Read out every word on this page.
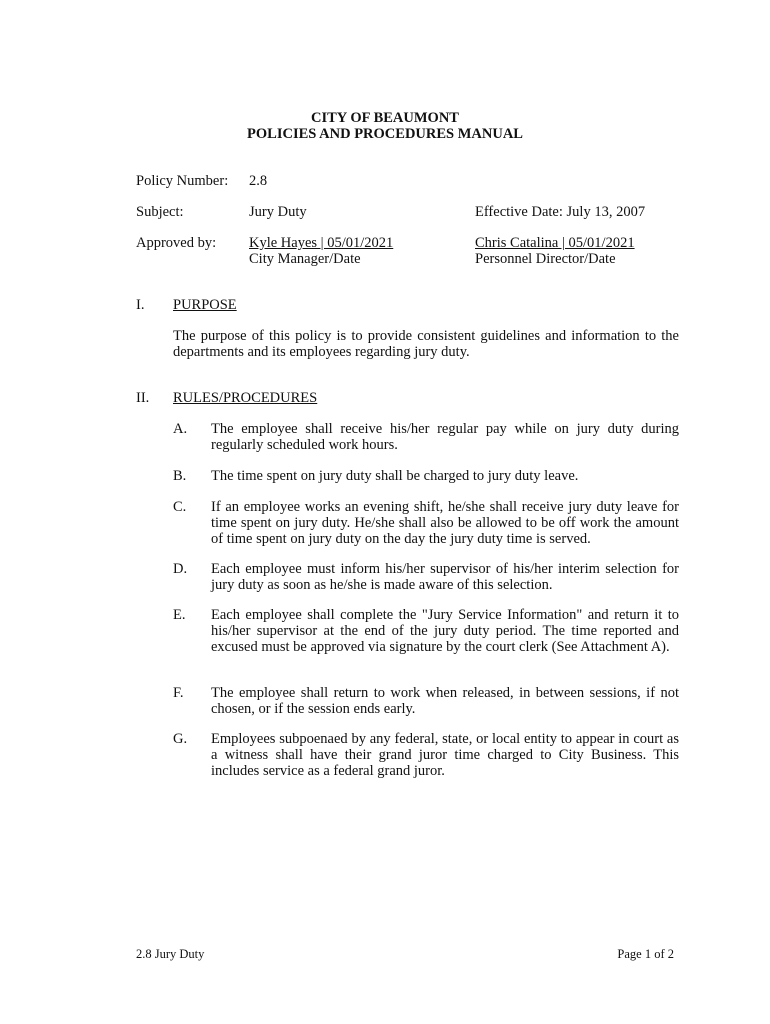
CITY OF BEAUMONT
POLICIES AND PROCEDURES MANUAL
Policy Number: 2.8
Subject:	Jury Duty	Effective Date: July 13, 2007
Approved by: Kyle Hayes | 05/01/2021
City Manager/Date
Chris Catalina | 05/01/2021
Personnel Director/Date
I. PURPOSE
The purpose of this policy is to provide consistent guidelines and information to the departments and its employees regarding jury duty.
II. RULES/PROCEDURES
A. The employee shall receive his/her regular pay while on jury duty during regularly scheduled work hours.
B. The time spent on jury duty shall be charged to jury duty leave.
C. If an employee works an evening shift, he/she shall receive jury duty leave for time spent on jury duty. He/she shall also be allowed to be off work the amount of time spent on jury duty on the day the jury duty time is served.
D. Each employee must inform his/her supervisor of his/her interim selection for jury duty as soon as he/she is made aware of this selection.
E. Each employee shall complete the "Jury Service Information" and return it to his/her supervisor at the end of the jury duty period. The time reported and excused must be approved via signature by the court clerk (See Attachment A).
F. The employee shall return to work when released, in between sessions, if not chosen, or if the session ends early.
G. Employees subpoenaed by any federal, state, or local entity to appear in court as a witness shall have their grand juror time charged to City Business. This includes service as a federal grand juror.
2.8 Jury Duty	Page 1 of 2
